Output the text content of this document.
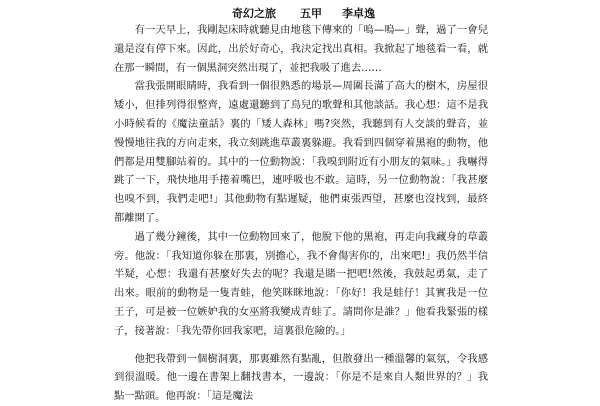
奇幻之旅 五甲 李卓逸

有一天早上，我剛起床時就聽見由地毯下傳來的「嗚—嗚—」聲，過了一會兒還是沒有停下來。因此，出於好奇心，我決定找出真相。我掀起了地毯看一看，就在那一瞬間，有一個黑洞突然出現了，並把我吸了進去……

當我張開眼睛時，我看到一個很熟悉的場景—周圍長滿了高大的樹木，房屋很矮小，但排列得很整齊，遠處還聽到了鳥兒的歌聲和其他談話。我心想：這不是我小時候看的《魔法童話》裏的「矮人森林」嗎?突然，我聽到有人交談的聲音，並慢慢地往我的方向走來，我立刻跳進草叢裏躲避。我看到四個穿着黑袍的動物，他們都是用雙腳站着的。其中的一位動物說：「我嗅到附近有小朋友的氣味。」我嚇得跳了一下，飛快地用手捲着嘴巴，連呼吸也不敢。這時，另一位動物說：「我甚麼也嗅不到，我們走吧!」其他動物有點遲疑，他們東張西望，甚麼也沒找到，最終都離開了。

過了幾分鐘後，其中一位動物回來了，他脫下他的黑袍，再走向我藏身的草叢旁。他說：「我知道你躲在那裏，別擔心，我不會傷害你的，出來吧!」我仍然半信半疑，心想：我還有甚麼好失去的呢？我還是賭一把吧!然後，我鼓起勇氣，走了出來。眼前的動物是一隻青蛙，他笑眯眯地說：「你好！我是蛙仔！其實我是一位王子，可是被一位嫉妒我的女巫將我變成青蛙了。請問你是誰？」他看我緊張的樣子，接著說：「我先帶你回我家吧，這裏很危險的。」

他把我帶到一個樹洞裏，那裏雖然有點亂，但散發出一種溫馨的氣氛，令我感到很溫暖。他一邊在書架上翻找書本，一邊說：「你是不是來自人類世界的？」我點一點頭。他再說：「這是魔法
